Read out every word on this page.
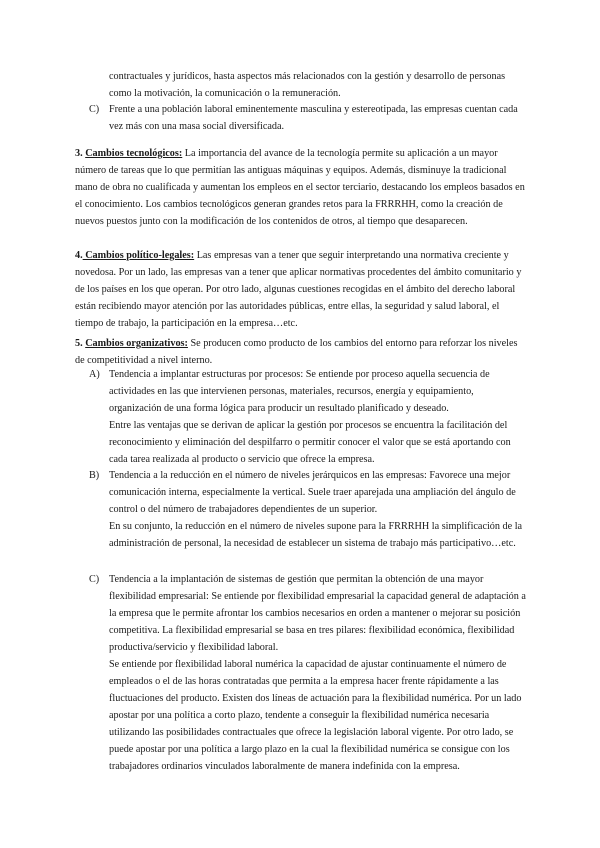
contractuales y jurídicos, hasta aspectos más relacionados con la gestión y desarrollo de personas como la motivación, la comunicación o la remuneración.

C) Frente a una población laboral eminentemente masculina y estereotipada, las empresas cuentan cada vez más con una masa social diversificada.

3. Cambios tecnológicos: La importancia del avance de la tecnología permite su aplicación a un mayor número de tareas que lo que permitían las antiguas máquinas y equipos. Además, disminuye la tradicional mano de obra no cualificada y aumentan los empleos en el sector terciario, destacando los empleos basados en el conocimiento. Los cambios tecnológicos generan grandes retos para la FRRRHH, como la creación de nuevos puestos junto con la modificación de los contenidos de otros, al tiempo que desaparecen.

4. Cambios político-legales: Las empresas van a tener que seguir interpretando una normativa creciente y novedosa. Por un lado, las empresas van a tener que aplicar normativas procedentes del ámbito comunitario y de los países en los que operan. Por otro lado, algunas cuestiones recogidas en el ámbito del derecho laboral están recibiendo mayor atención por las autoridades públicas, entre ellas, la seguridad y salud laboral, el tiempo de trabajo, la participación en la empresa…etc.

5. Cambios organizativos: Se producen como producto de los cambios del entorno para reforzar los niveles de competitividad a nivel interno.

A) Tendencia a implantar estructuras por procesos: Se entiende por proceso aquella secuencia de actividades en las que intervienen personas, materiales, recursos, energía y equipamiento, organización de una forma lógica para producir un resultado planificado y deseado.

Entre las ventajas que se derivan de aplicar la gestión por procesos se encuentra la facilitación del reconocimiento y eliminación del despilfarro o permitir conocer el valor que se está aportando con cada tarea realizada al producto o servicio que ofrece la empresa.

B) Tendencia a la reducción en el número de niveles jerárquicos en las empresas: Favorece una mejor comunicación interna, especialmente la vertical. Suele traer aparejada una ampliación del ángulo de control o del número de trabajadores dependientes de un superior.

En su conjunto, la reducción en el número de niveles supone para la FRRRHH la simplificación de la administración de personal, la necesidad de establecer un sistema de trabajo más participativo…etc.

C) Tendencia a la implantación de sistemas de gestión que permitan la obtención de una mayor flexibilidad empresarial: Se entiende por flexibilidad empresarial la capacidad general de adaptación a la empresa que le permite afrontar los cambios necesarios en orden a mantener o mejorar su posición competitiva. La flexibilidad empresarial se basa en tres pilares: flexibilidad económica, flexibilidad productiva/servicio y flexibilidad laboral.

Se entiende por flexibilidad laboral numérica la capacidad de ajustar continuamente el número de empleados o el de las horas contratadas que permita a la empresa hacer frente rápidamente a las fluctuaciones del producto. Existen dos líneas de actuación para la flexibilidad numérica. Por un lado apostar por una política a corto plazo, tendente a conseguir la flexibilidad numérica necesaria utilizando las posibilidades contractuales que ofrece la legislación laboral vigente. Por otro lado, se puede apostar por una política a largo plazo en la cual la flexibilidad numérica se consigue con los trabajadores ordinarios vinculados laboralmente de manera indefinida con la empresa.
